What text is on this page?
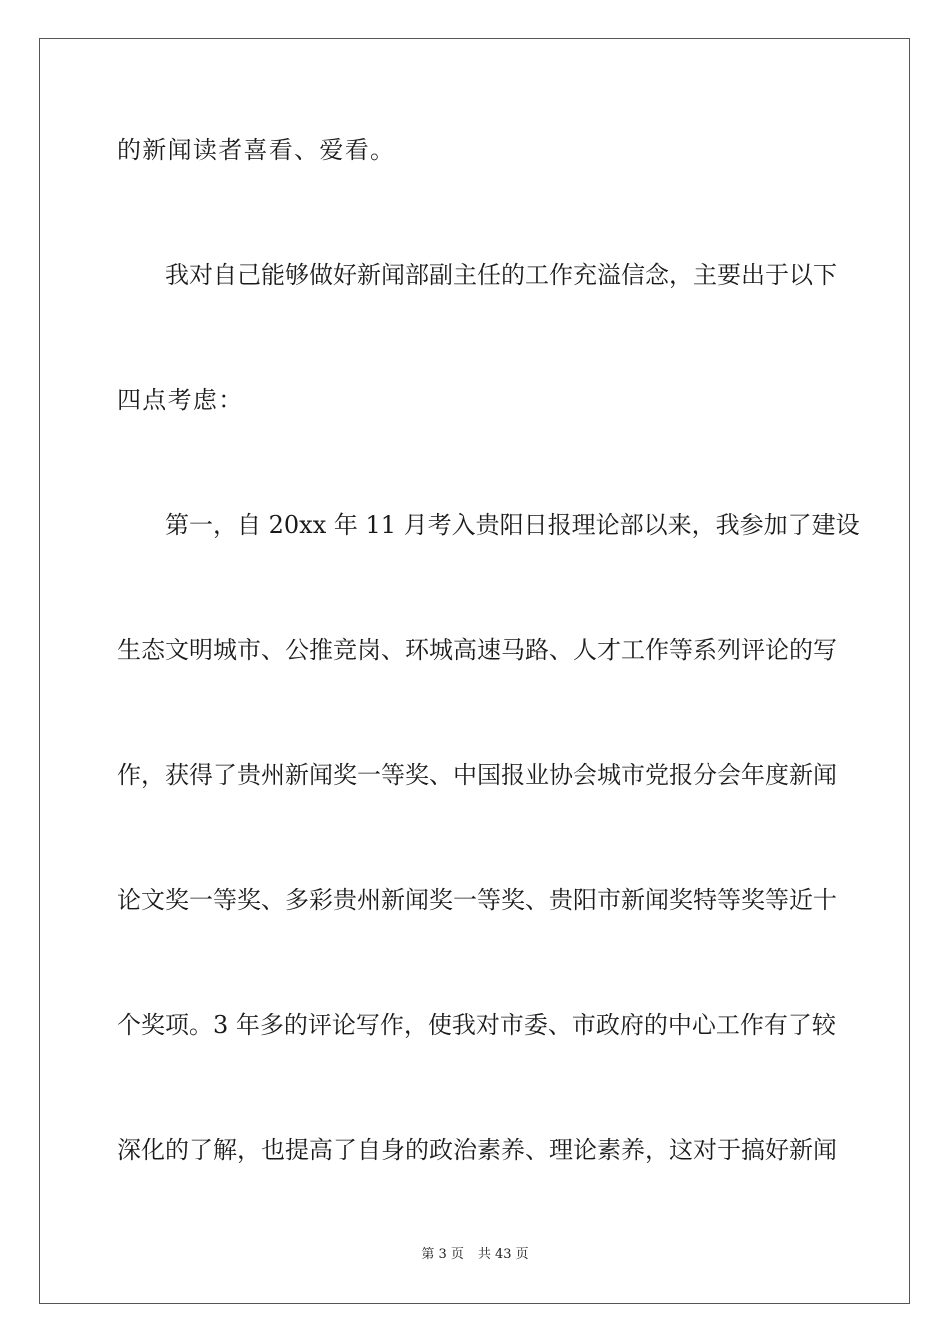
的新闻读者喜看、爱看。
我对自己能够做好新闻部副主任的工作充溢信念，主要出于以下
四点考虑：
第一，自 20xx 年 11 月考入贵阳日报理论部以来，我参加了建设
生态文明城市、公推竞岗、环城高速马路、人才工作等系列评论的写
作，获得了贵州新闻奖一等奖、中国报业协会城市党报分会年度新闻
论文奖一等奖、多彩贵州新闻奖一等奖、贵阳市新闻奖特等奖等近十
个奖项。3 年多的评论写作，使我对市委、市政府的中心工作有了较
深化的了解，也提高了自身的政治素养、理论素养，这对于搞好新闻
第 3 页 共 43 页
